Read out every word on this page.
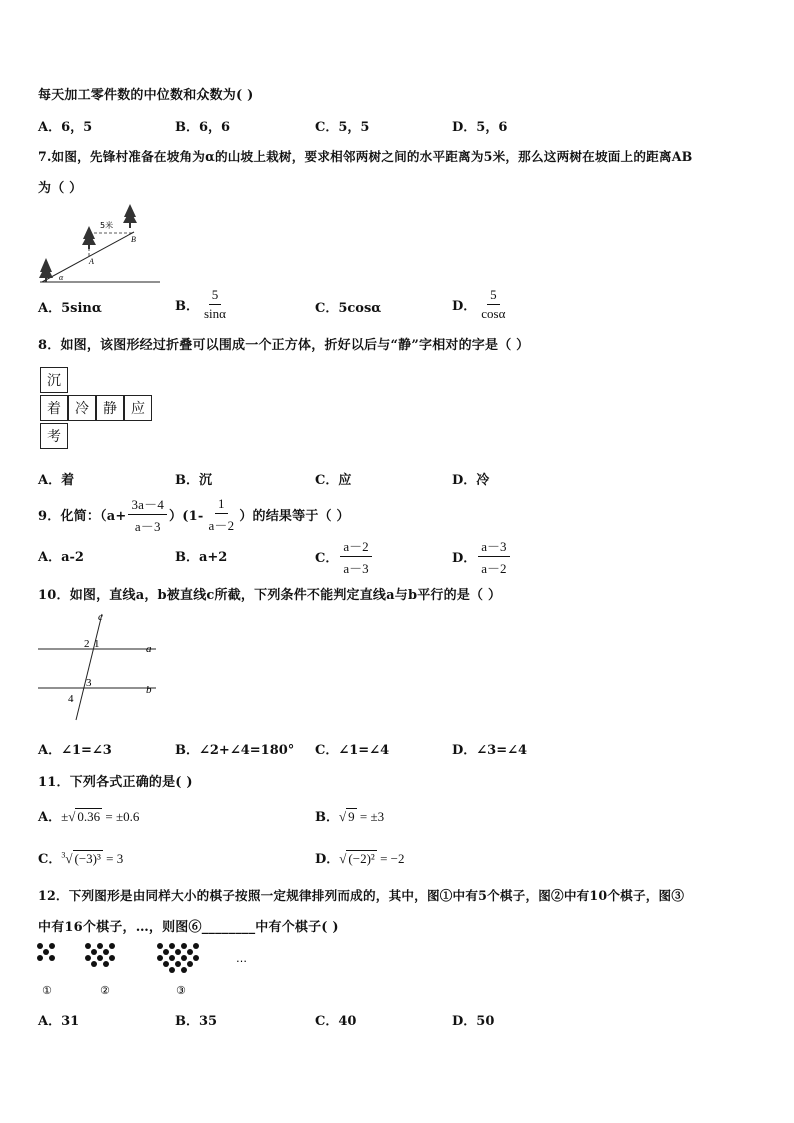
每天加工零件数的中位数和众数为( )
A．6，5	B．6，6	C．5，5	D．5，6
7.如图，先锋村准备在坡角为α的山坡上栽树，要求相邻两树之间的水平距离为5米，那么这两树在坡面上的距离AB
为（ ）
5米
A
B
α
A．5sinα	B． $\frac{5}{\sin\alpha}$	C．5cosα	D． $\frac{5}{\cos\alpha}$
8．如图，该图形经过折叠可以围成一个正方体，折好以后与“静”字相对的字是（ ）
沉
着	冷	静	应
考
A．着	B．沉	C．应	D．冷
9．化简：$(a+ \frac{3a-4}{a-3} )(1- \frac{1}{a-2}$ ）的结果等于（ ）
A．a-2	B．a+2	C． $\frac{a-2}{a-3}$	D． $\frac{a-3}{a-2}$
10．如图，直线a，b被直线c所截，下列条件不能判定直线a与b平行的是（ ）
c
a
b
1
2
3
4
A．∠1=∠3	B．∠2+∠4=180° C．∠1=∠4	D．∠3=∠4
11．下列各式正确的是( )
A．±√ 0.36 = ±0.6	B．√ 9 = ±3
C．$^3$√ (−3)³ = 3	D．√ (−2)² = −2
12．下列图形是由同样大小的棋子按照一定规律排列而成的，其中，图①中有5个棋子，图②中有10个棋子，图③
中有16个棋子，…，则图⑥________中有个棋子( )
…
①	②	③
A．31	B．35	C．40	D．50
